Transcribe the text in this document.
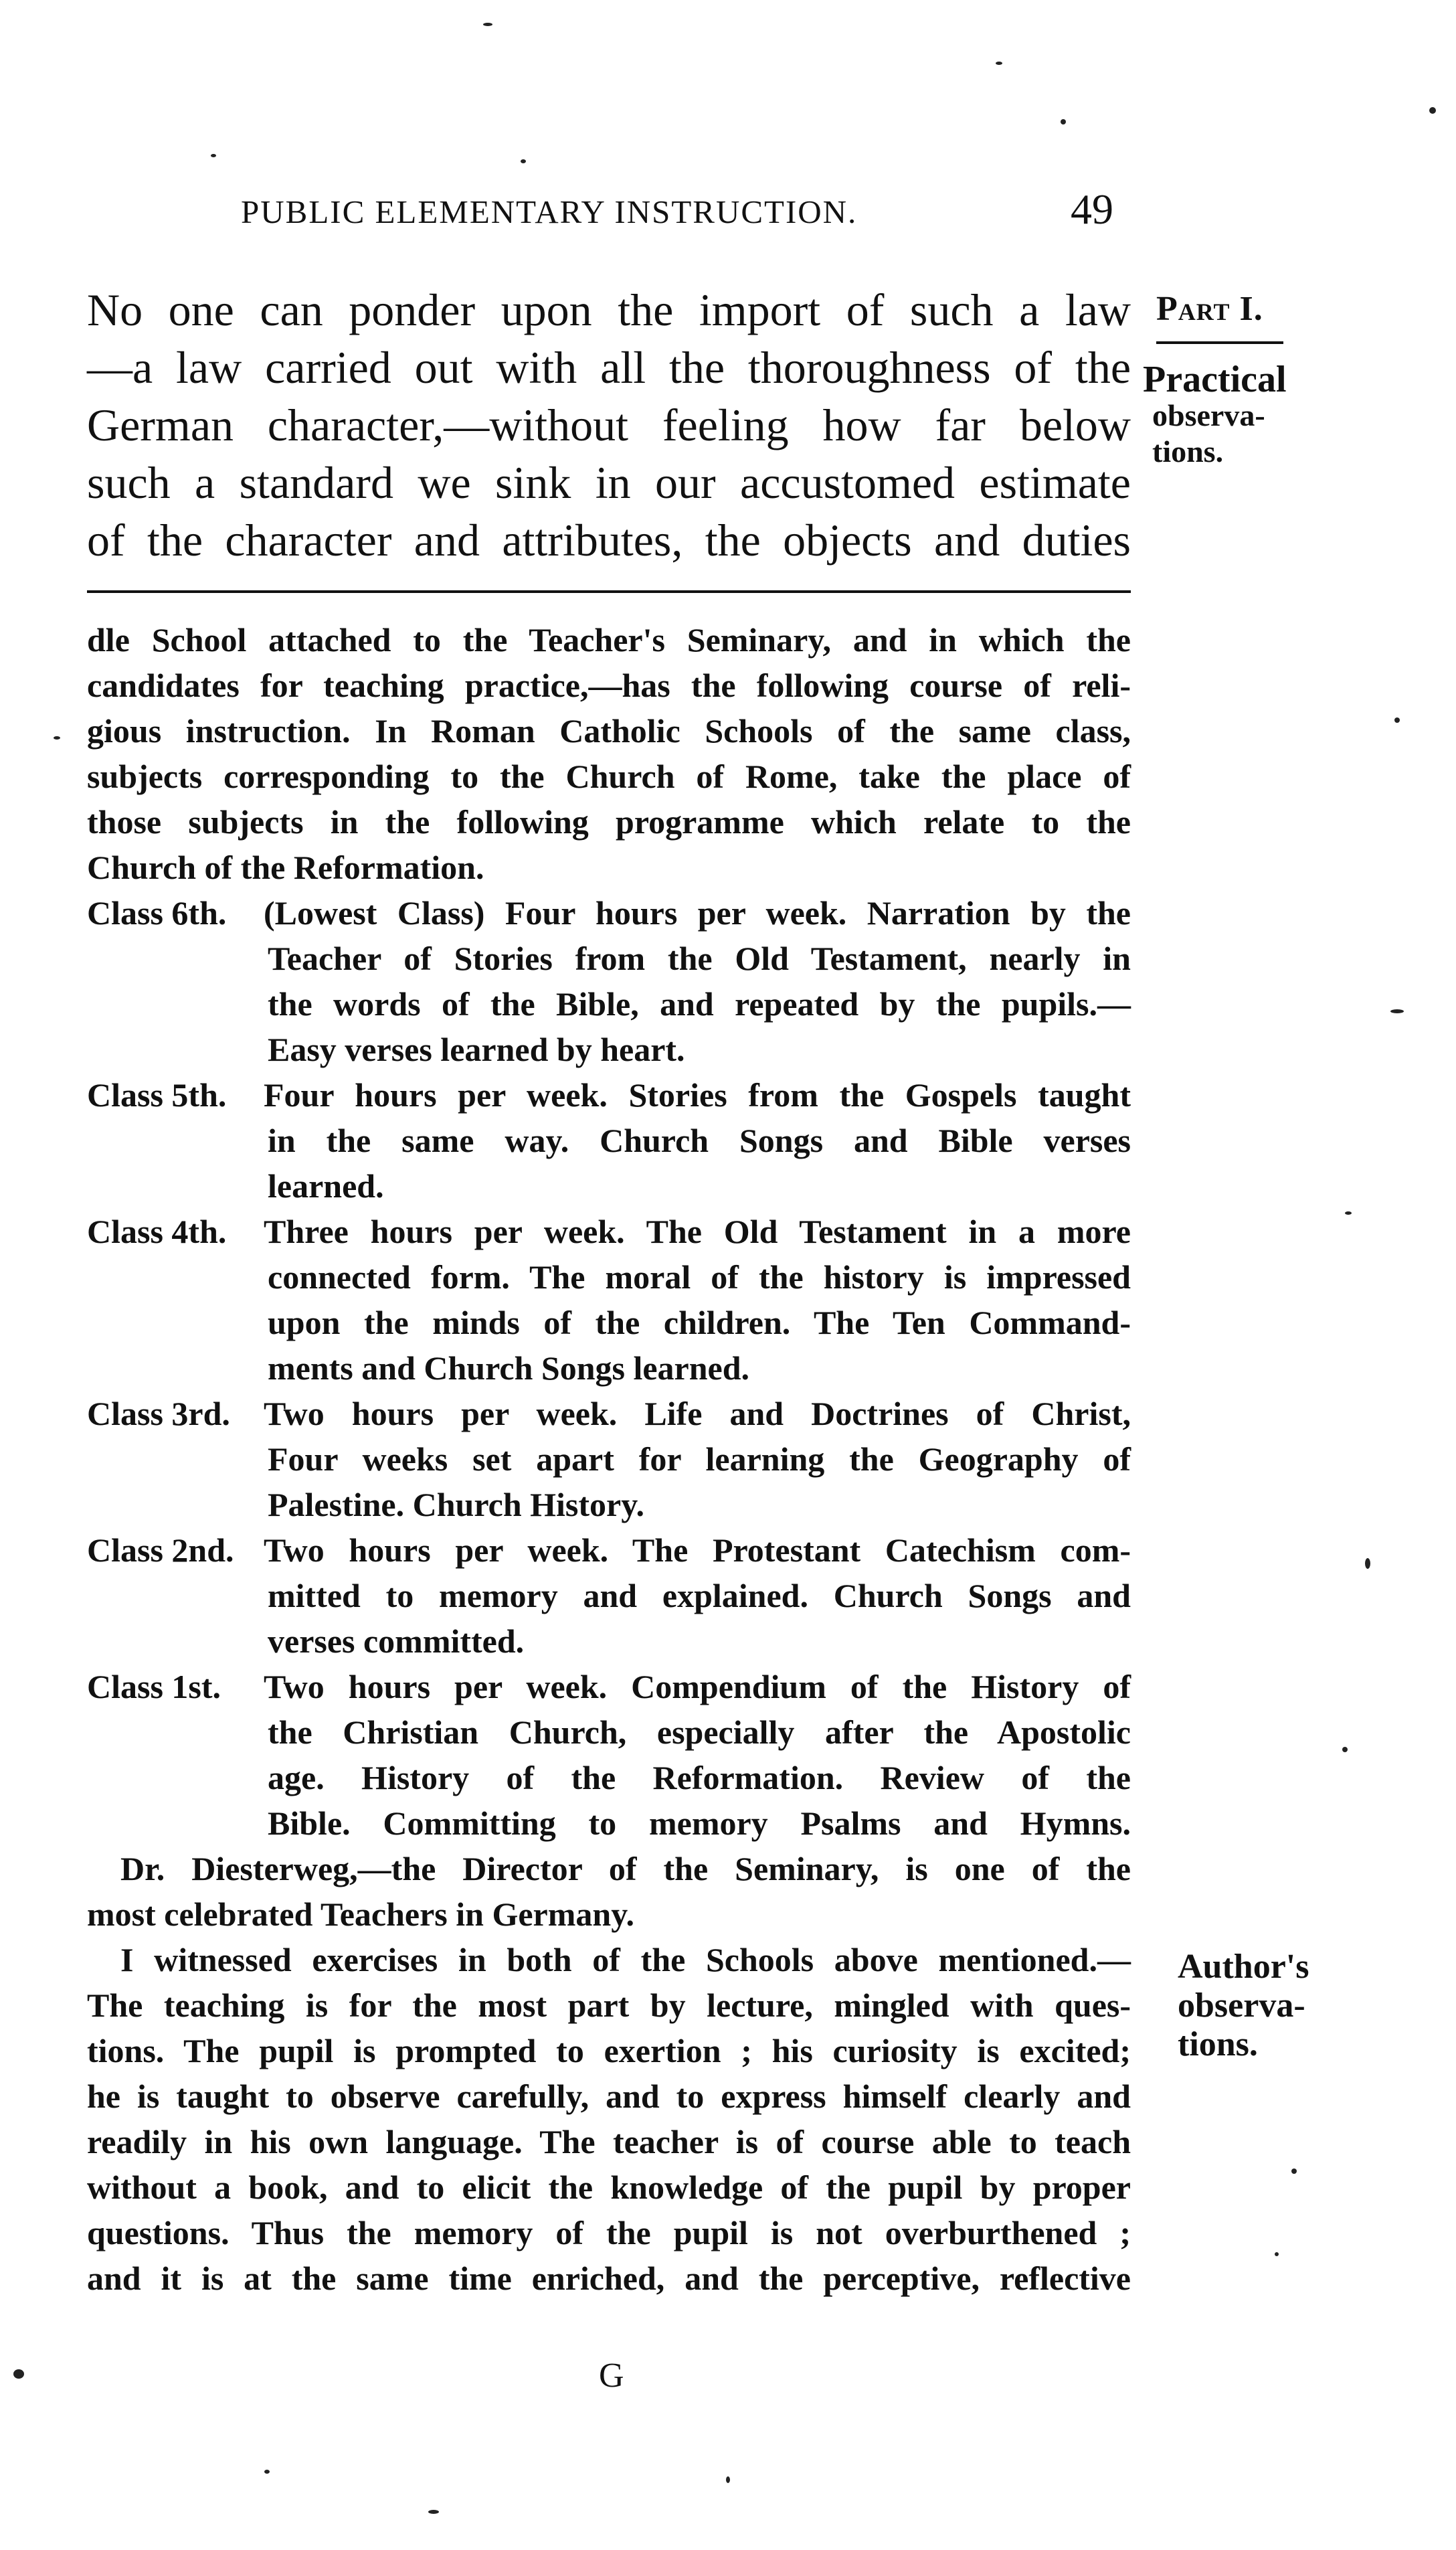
PUBLIC ELEMENTARY INSTRUCTION.	49
No one can ponder upon the import of such a law
—a law carried out with all the thoroughness of the
German character,—without feeling how far below
such a standard we sink in our accustomed estimate
of the character and attributes, the objects and duties
Part I.
Practical
observa-
tions.
dle School attached to the Teacher's Seminary, and in which the
candidates for teaching practice,—has the following course of reli-
gious instruction. In Roman Catholic Schools of the same class,
subjects corresponding to the Church of Rome, take the place of
those subjects in the following programme which relate to the
Church of the Reformation.
Class 6th. (Lowest Class) Four hours per week. Narration by the
Teacher of Stories from the Old Testament, nearly in
the words of the Bible, and repeated by the pupils.—
Easy verses learned by heart.
Class 5th. Four hours per week. Stories from the Gospels taught
in the same way. Church Songs and Bible verses
learned.
Class 4th. Three hours per week. The Old Testament in a more
connected form. The moral of the history is impressed
upon the minds of the children. The Ten Command-
ments and Church Songs learned.
Class 3rd. Two hours per week. Life and Doctrines of Christ,
Four weeks set apart for learning the Geography of
Palestine. Church History.
Class 2nd. Two hours per week. The Protestant Catechism com-
mitted to memory and explained. Church Songs and
verses committed.
Class 1st. Two hours per week. Compendium of the History of
the Christian Church, especially after the Apostolic
age. History of the Reformation. Review of the
Bible. Committing to memory Psalms and Hymns.
Dr. Diesterweg,—the Director of the Seminary, is one of the
most celebrated Teachers in Germany.
I witnessed exercises in both of the Schools above mentioned.—
The teaching is for the most part by lecture, mingled with ques-
tions. The pupil is prompted to exertion ; his curiosity is excited;
he is taught to observe carefully, and to express himself clearly and
readily in his own language. The teacher is of course able to teach
without a book, and to elicit the knowledge of the pupil by proper
questions. Thus the memory of the pupil is not overburthened ;
and it is at the same time enriched, and the perceptive, reflective
Author's
observa-
tions.
G
